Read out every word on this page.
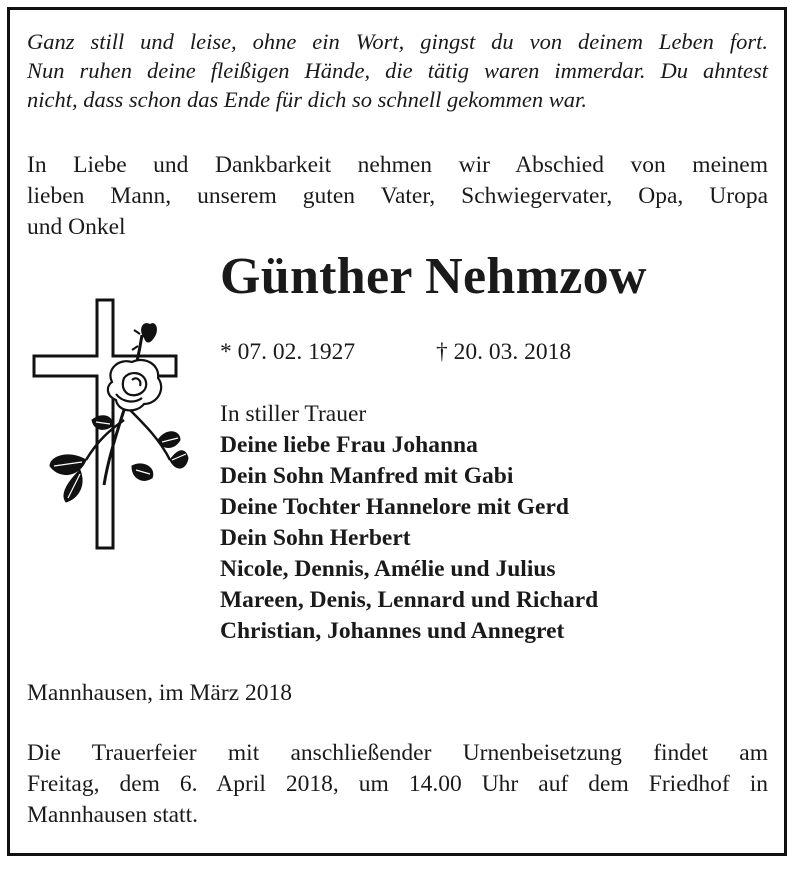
Ganz still und leise, ohne ein Wort, gingst du von deinem Leben fort.
Nun ruhen deine fleißigen Hände, die tätig waren immerdar. Du ahntest
nicht, dass schon das Ende für dich so schnell gekommen war.
In Liebe und Dankbarkeit nehmen wir Abschied von meinem
lieben Mann, unserem guten Vater, Schwiegervater, Opa, Uropa
und Onkel
Günther Nehmzow
* 07. 02. 1927	† 20. 03. 2018
In stiller Trauer
Deine liebe Frau Johanna
Dein Sohn Manfred mit Gabi
Deine Tochter Hannelore mit Gerd
Dein Sohn Herbert
Nicole, Dennis, Amélie und Julius
Mareen, Denis, Lennard und Richard
Christian, Johannes und Annegret
Mannhausen, im März 2018
Die Trauerfeier mit anschließender Urnenbeisetzung findet am
Freitag, dem 6. April 2018, um 14.00 Uhr auf dem Friedhof in
Mannhausen statt.
